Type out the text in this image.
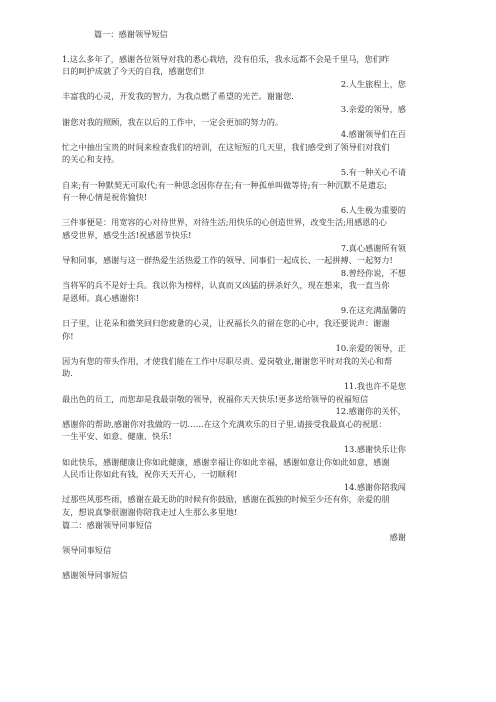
篇一：感谢领导短信
1.这么多年了，感谢各位领导对我的悉心栽培，没有伯乐，我永远都不会是千里马，您们昨
日的呵护成就了今天的自我，感谢您们!
2.人生旅程上，您
丰富我的心灵，开发我的智力，为我点燃了希望的光芒。谢谢您.
3.亲爱的领导，感
谢您对我的照顾，我在以后的工作中，一定会更加的努力的。
4.感谢领导们在百
忙之中抽出宝贵的时间来检查我们的培训，在这短短的几天里，我们感受到了领导们对我们
的关心和支持。
5.有一种关心不请
自来;有一种默契无可取代;有一种思念因你存在;有一种孤单叫做等待;有一种沉默不是遗忘;
有一种心情是祝你愉快!
6.人生极为重要的
三件事便是：用宽容的心对待世界，对待生活;用快乐的心创造世界，改变生活;用感恩的心
感受世界，感受生活!祝感恩节快乐!
7.真心感谢所有领
导和同事，感谢与这一群热爱生活热爱工作的领导、同事们一起成长、一起拼搏、一起努力!
8.曾经你说，不想
当将军的兵不是好士兵。我以你为榜样，认真而又凶猛的拼杀好久，现在想来，我一直当你
是恩师。真心感谢你!
9.在这充满温馨的
日子里，让花朵和微笑回归您疲惫的心灵，让祝福长久的留在您的心中，我还要说声：谢谢
你!
10.亲爱的领导，正
因为有您的带头作用，才使我们能在工作中尽职尽责、爱岗敬业,谢谢您平时对我的关心和帮
助.
11.我也许不是您
最出色的员工，而您却是我最崇敬的领导，祝福你天天快乐!更多送给领导的祝福短信
12.感谢你的关怀，
感谢你的帮助,感谢你对我做的一切……在这个充满欢乐的日子里,请接受我最真心的祝愿：
一生平安、如意、健康、快乐!
13.感谢快乐让你
如此快乐，感谢健康让你如此健康，感谢幸福让你如此幸福，感谢如意让你如此如意，感谢
人民币让你如此有钱，祝你天天开心，一切顺利!
14.感谢你陪我闯
过那些风那些雨，感谢在最无助的时候有你鼓励，感谢在孤独的时候至少还有你，亲爱的朋
友，想说真挚很谢谢你陪我走过人生那么多里地!
篇二：感谢领导同事短信
感谢
领导同事短信
感谢领导同事短信
